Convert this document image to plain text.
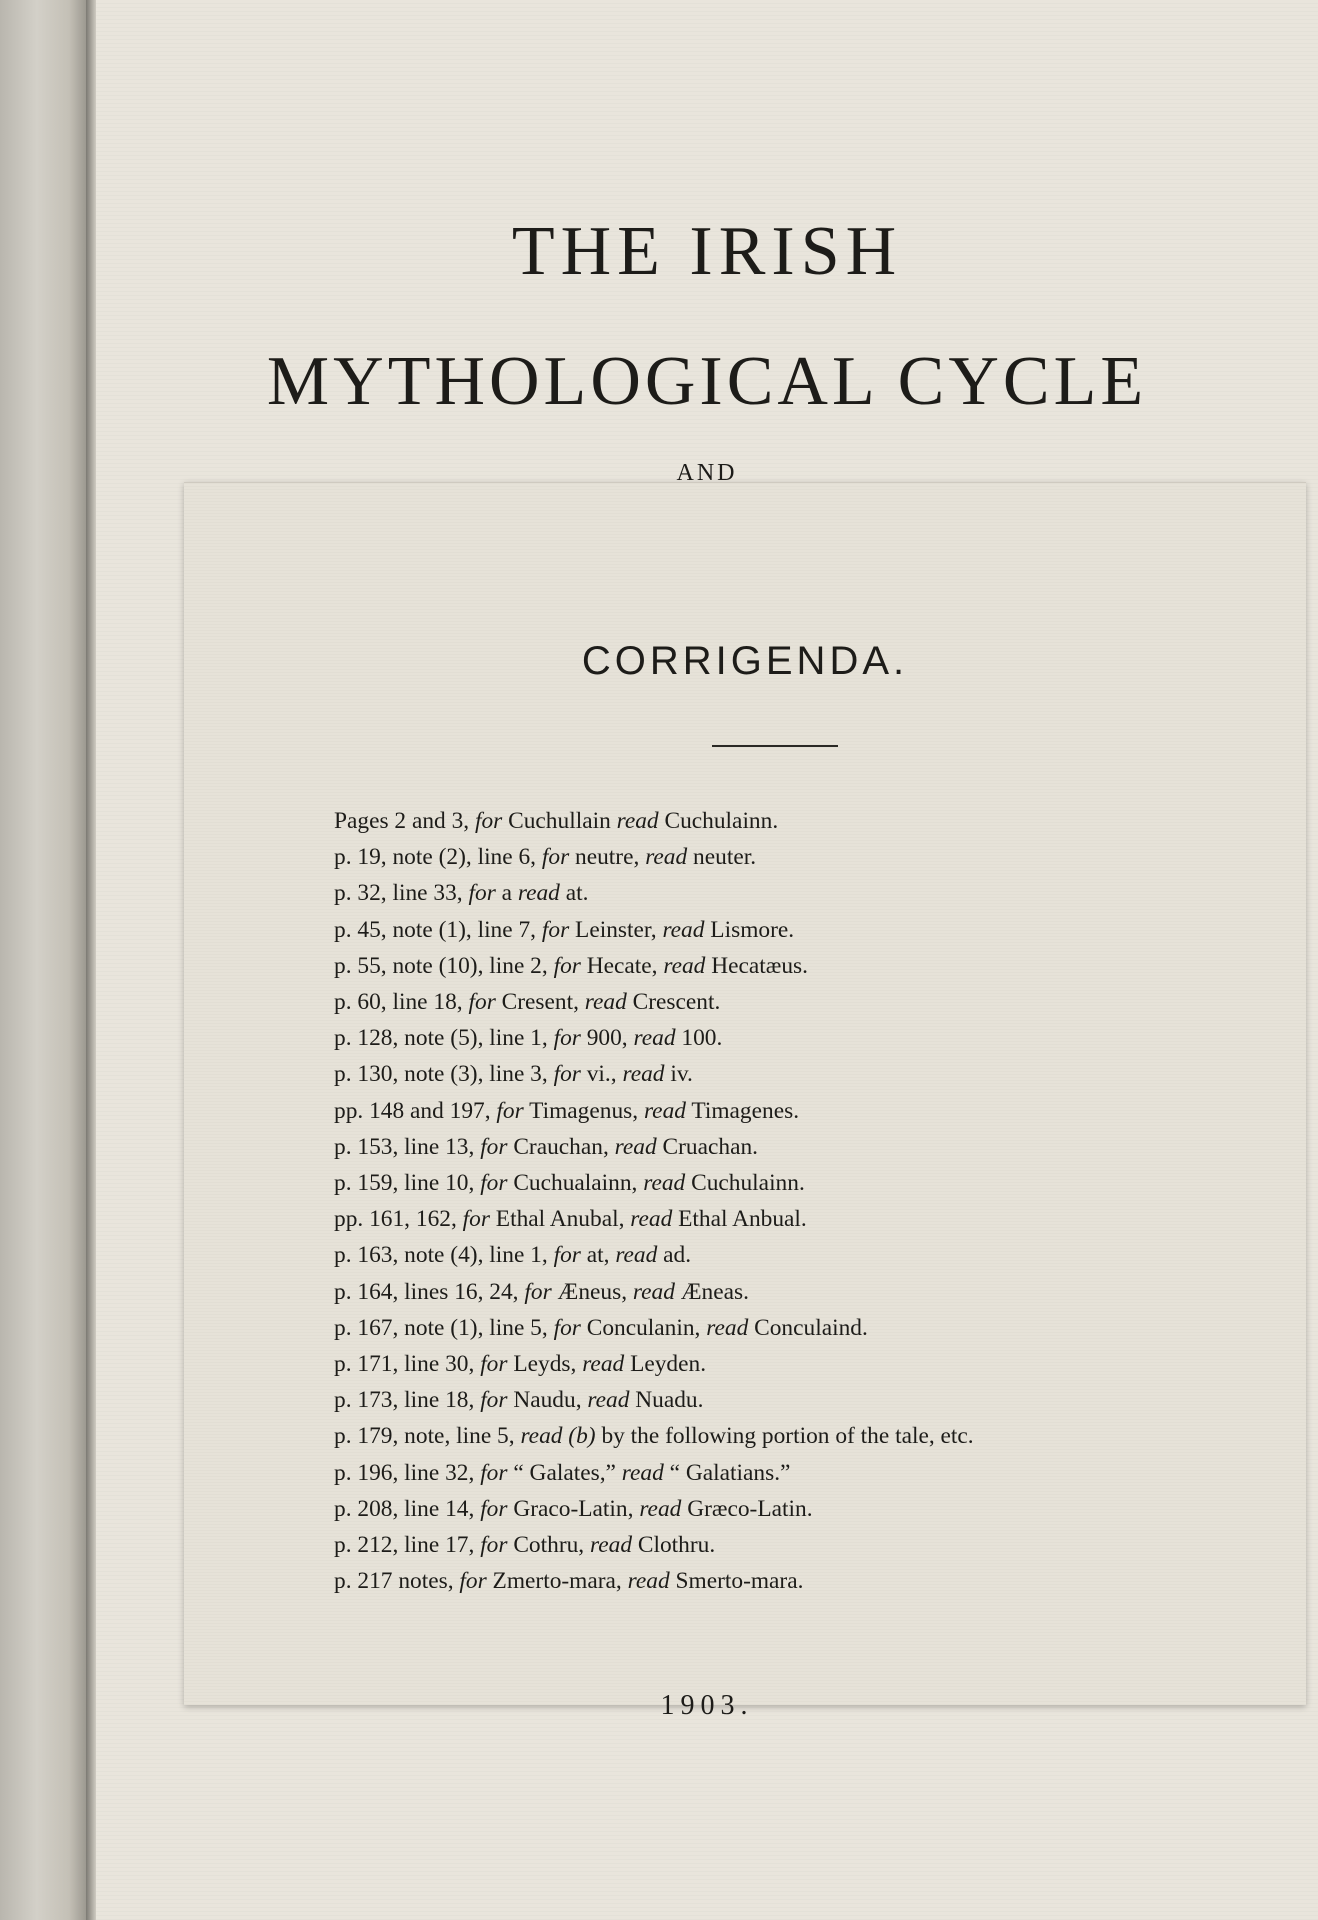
THE IRISH
MYTHOLOGICAL CYCLE
AND
CORRIGENDA.
Pages 2 and 3, for Cuchullain read Cuchulainn.
p. 19, note (2), line 6, for neutre, read neuter.
p. 32, line 33, for a read at.
p. 45, note (1), line 7, for Leinster, read Lismore.
p. 55, note (10), line 2, for Hecate, read Hecatæus.
p. 60, line 18, for Cresent, read Crescent.
p. 128, note (5), line 1, for 900, read 100.
p. 130, note (3), line 3, for vi., read iv.
pp. 148 and 197, for Timagenus, read Timagenes.
p. 153, line 13, for Crauchan, read Cruachan.
p. 159, line 10, for Cuchualainn, read Cuchulainn.
pp. 161, 162, for Ethal Anubal, read Ethal Anbual.
p. 163, note (4), line 1, for at, read ad.
p. 164, lines 16, 24, for Æneus, read Æneas.
p. 167, note (1), line 5, for Conculanin, read Conculaind.
p. 171, line 30, for Leyds, read Leyden.
p. 173, line 18, for Naudu, read Nuadu.
p. 179, note, line 5, read (b) by the following portion of the tale, etc.
p. 196, line 32, for “ Galates,” read “ Galatians.”
p. 208, line 14, for Graco-Latin, read Græco-Latin.
p. 212, line 17, for Cothru, read Clothru.
p. 217 notes, for Zmerto-mara, read Smerto-mara.
1903.
